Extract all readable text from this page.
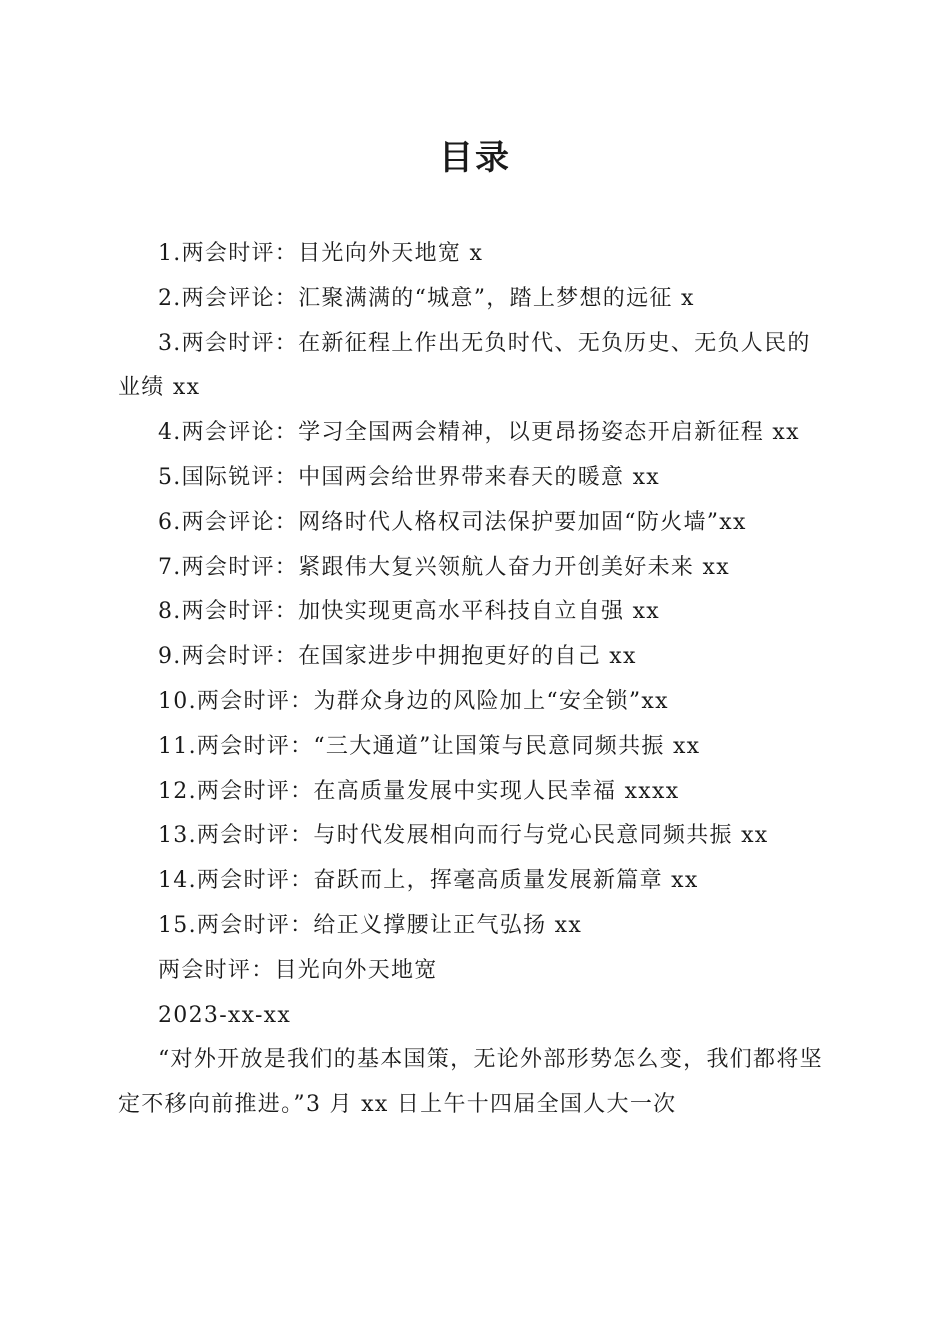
目录

1.两会时评：目光向外天地宽 x

2.两会评论：汇聚满满的“城意”，踏上梦想的远征 x

3.两会时评：在新征程上作出无负时代、无负历史、无负人民的业绩 xx

4.两会评论：学习全国两会精神，以更昂扬姿态开启新征程 xx

5.国际锐评：中国两会给世界带来春天的暖意 xx

6.两会评论：网络时代人格权司法保护要加固“防火墙”xx

7.两会时评：紧跟伟大复兴领航人奋力开创美好未来 xx

8.两会时评：加快实现更高水平科技自立自强 xx

9.两会时评：在国家进步中拥抱更好的自己 xx

10.两会时评：为群众身边的风险加上“安全锁”xx

11.两会时评：“三大通道”让国策与民意同频共振 xx

12.两会时评：在高质量发展中实现人民幸福 xxxx

13.两会时评：与时代发展相向而行与党心民意同频共振 xx

14.两会时评：奋跃而上，挥毫高质量发展新篇章 xx

15.两会时评：给正义撑腰让正气弘扬 xx

两会时评：目光向外天地宽

2023-xx-xx

“对外开放是我们的基本国策，无论外部形势怎么变，我们都将坚定不移向前推进。”3 月 xx 日上午十四届全国人大一次
